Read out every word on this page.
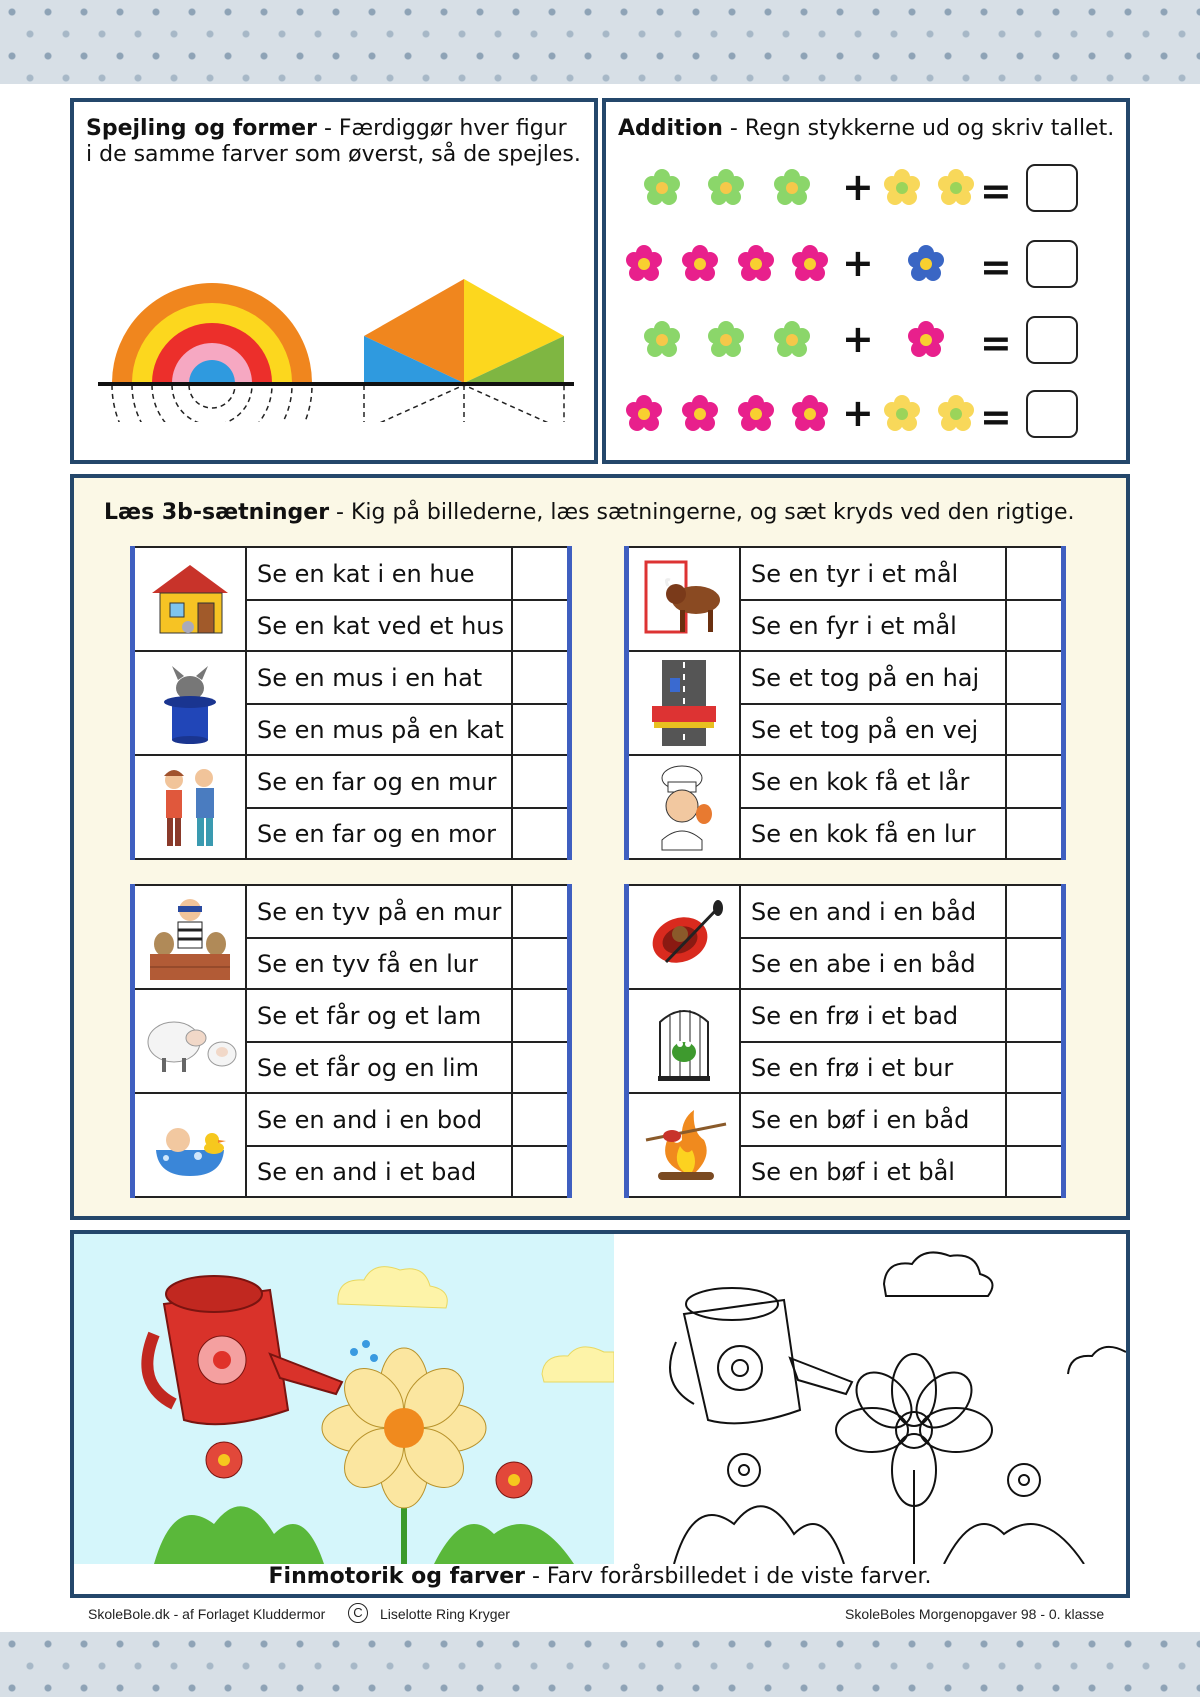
Spejling og former - Færdiggør hver figur
i de samme farver som øverst, så de spejles.
Addition - Regn stykkerne ud og skriv tallet.
+	=
+	=
+	=
+	=
Læs 3b-sætninger - Kig på billederne, læs sætningerne, og sæt kryds ved den rigtige.
Se en kat i en hue
Se en kat ved et hus
Se en mus i en hat
Se en mus på en kat
Se en far og en mur
Se en far og en mor
Se en tyr i et mål
Se en fyr i et mål
Se et tog på en haj
Se et tog på en vej
Se en kok få et lår
Se en kok få en lur
Se en tyv på en mur
Se en tyv få en lur
Se et får og et lam
Se et får og en lim
Se en and i en bod
Se en and i et bad
Se en and i en båd
Se en abe i en båd
Se en frø i et bad
Se en frø i et bur
Se en bøf i en båd
Se en bøf i et bål
Finmotorik og farver - Farv forårsbilledet i de viste farver.
SkoleBole.dk - af Forlaget Kluddermor	C	Liselotte Ring Kryger	SkoleBoles Morgenopgaver 98 - 0. klasse
